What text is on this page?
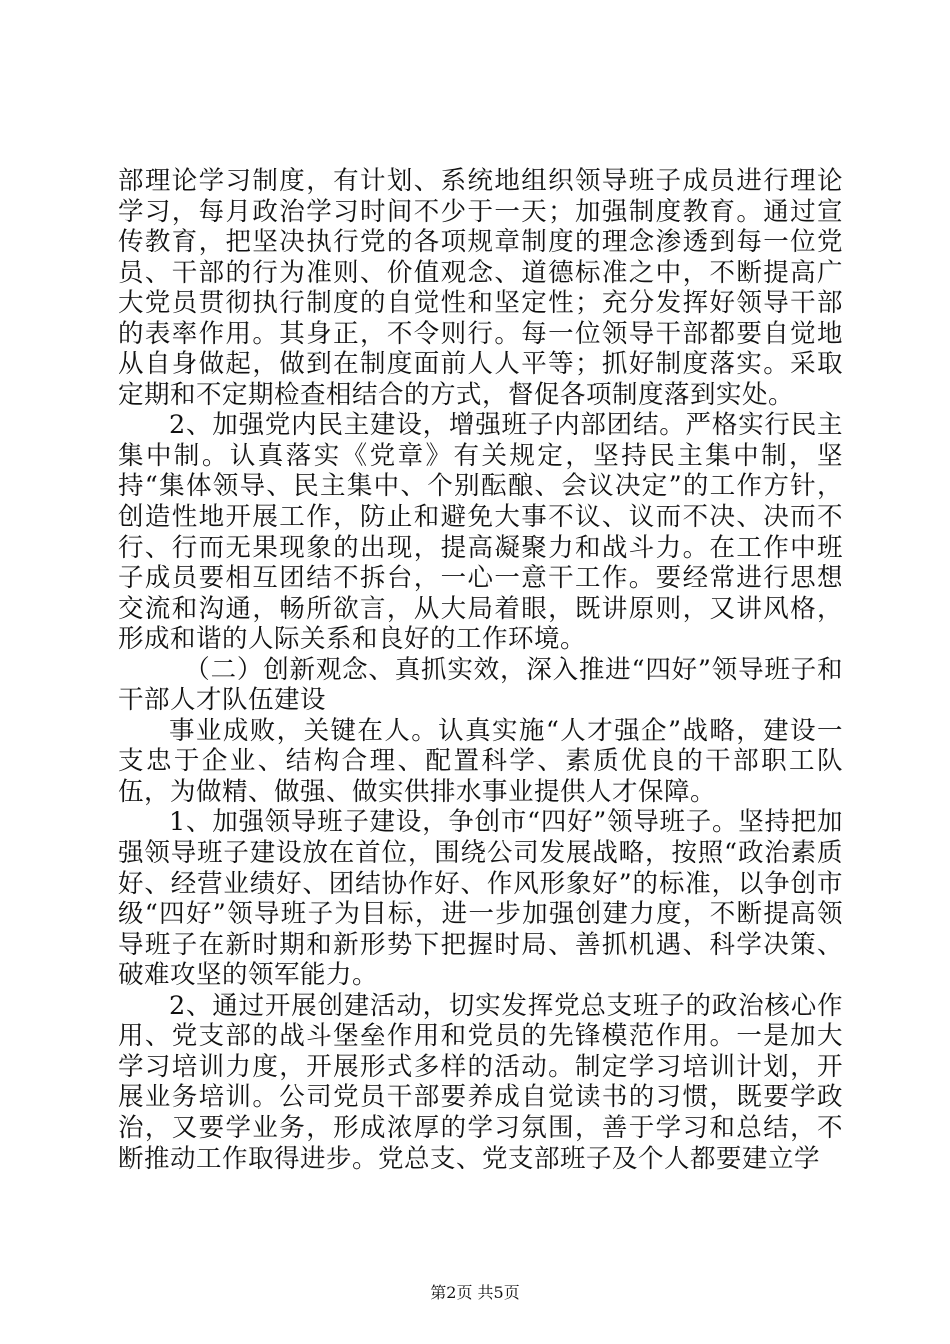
部理论学习制度，有计划、系统地组织领导班子成员进行理论学习，每月政治学习时间不少于一天；加强制度教育。通过宣传教育，把坚决执行党的各项规章制度的理念渗透到每一位党员、干部的行为准则、价值观念、道德标准之中，不断提高广大党员贯彻执行制度的自觉性和坚定性；充分发挥好领导干部的表率作用。其身正，不令则行。每一位领导干部都要自觉地从自身做起，做到在制度面前人人平等；抓好制度落实。采取定期和不定期检查相结合的方式，督促各项制度落到实处。

2、加强党内民主建设，增强班子内部团结。严格实行民主集中制。认真落实《党章》有关规定，坚持民主集中制，坚持“集体领导、民主集中、个别酝酿、会议决定”的工作方针，创造性地开展工作，防止和避免大事不议、议而不决、决而不行、行而无果现象的出现，提高凝聚力和战斗力。在工作中班子成员要相互团结不拆台，一心一意干工作。要经常进行思想交流和沟通，畅所欲言，从大局着眼，既讲原则，又讲风格，形成和谐的人际关系和良好的工作环境。

（二）创新观念、真抓实效，深入推进“四好”领导班子和干部人才队伍建设

事业成败，关键在人。认真实施“人才强企”战略，建设一支忠于企业、结构合理、配置科学、素质优良的干部职工队伍，为做精、做强、做实供排水事业提供人才保障。

1、加强领导班子建设，争创市“四好”领导班子。坚持把加强领导班子建设放在首位，围绕公司发展战略，按照“政治素质好、经营业绩好、团结协作好、作风形象好”的标准，以争创市级“四好”领导班子为目标，进一步加强创建力度，不断提高领导班子在新时期和新形势下把握时局、善抓机遇、科学决策、破难攻坚的领军能力。

2、通过开展创建活动，切实发挥党总支班子的政治核心作用、党支部的战斗堡垒作用和党员的先锋模范作用。一是加大学习培训力度，开展形式多样的活动。制定学习培训计划，开展业务培训。公司党员干部要养成自觉读书的习惯，既要学政治，又要学业务，形成浓厚的学习氛围，善于学习和总结，不断推动工作取得进步。党总支、党支部班子及个人都要建立学

第2页 共5页
